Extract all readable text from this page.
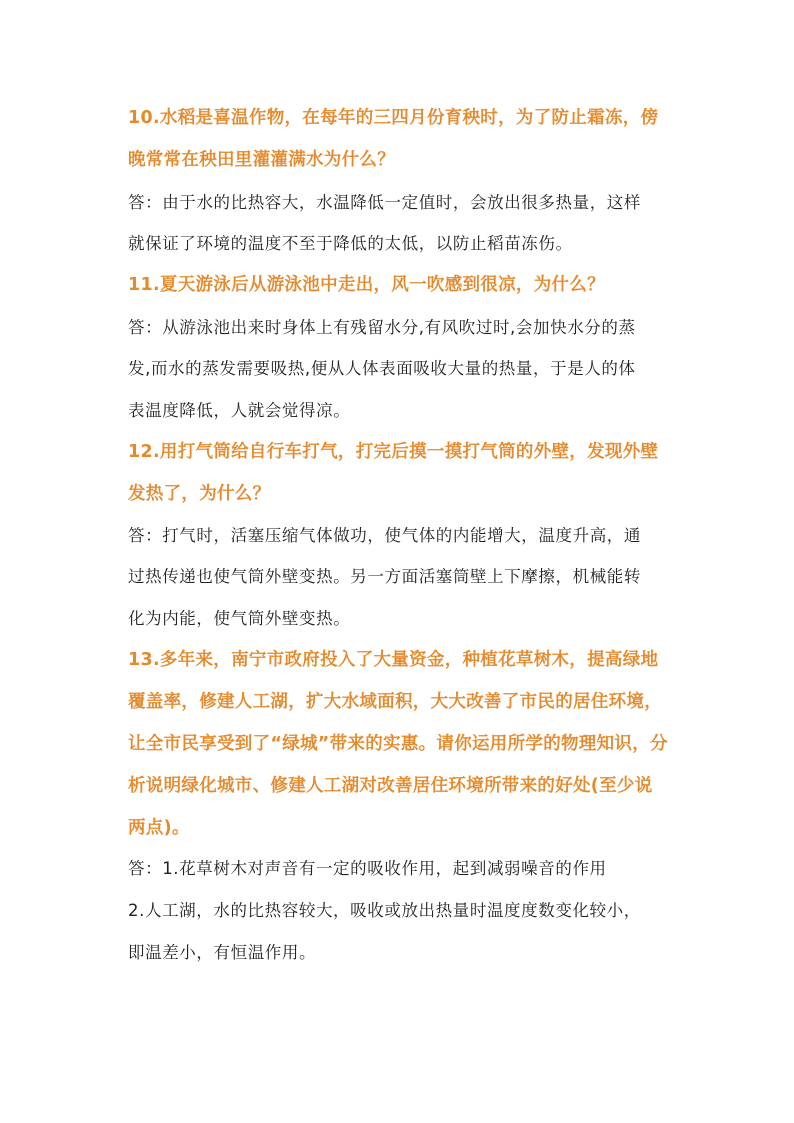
10.水稻是喜温作物，在每年的三四月份育秧时，为了防止霜冻，傍
晚常常在秧田里灌灌满水为什么？
答：由于水的比热容大，水温降低一定值时，会放出很多热量，这样
就保证了环境的温度不至于降低的太低，以防止稻苗冻伤。
11.夏天游泳后从游泳池中走出，风一吹感到很凉，为什么？
答：从游泳池出来时身体上有残留水分,有风吹过时,会加快水分的蒸
发,而水的蒸发需要吸热,便从人体表面吸收大量的热量，于是人的体
表温度降低，人就会觉得凉。
12.用打气筒给自行车打气，打完后摸一摸打气筒的外壁，发现外壁
发热了，为什么？
答：打气时，活塞压缩气体做功，使气体的内能增大，温度升高，通
过热传递也使气筒外壁变热。另一方面活塞筒壁上下摩擦，机械能转
化为内能，使气筒外壁变热。
13.多年来，南宁市政府投入了大量资金，种植花草树木，提高绿地
覆盖率，修建人工湖，扩大水域面积，大大改善了市民的居住环境，
让全市民享受到了“绿城”带来的实惠。请你运用所学的物理知识，分
析说明绿化城市、修建人工湖对改善居住环境所带来的好处(至少说
两点)。
答：1.花草树木对声音有一定的吸收作用，起到减弱噪音的作用
2.人工湖，水的比热容较大，吸收或放出热量时温度度数变化较小，
即温差小，有恒温作用。
